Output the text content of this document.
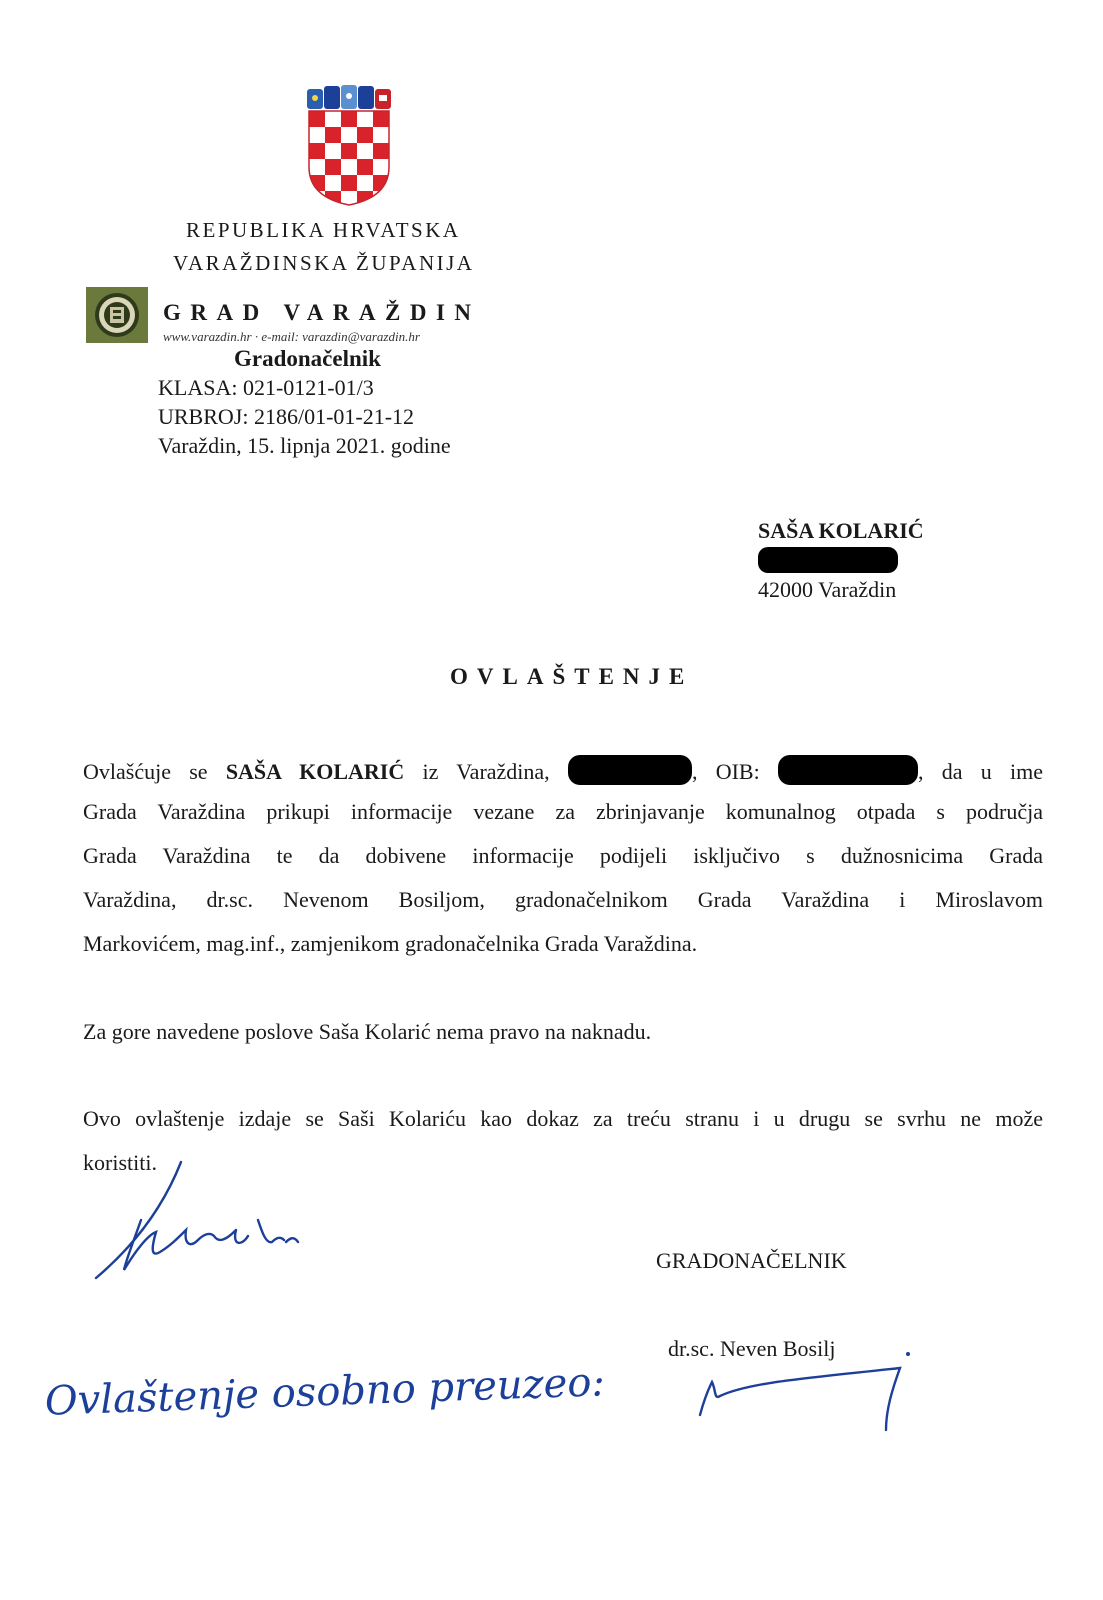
REPUBLIKA HRVATSKA
VARAŽDINSKA ŽUPANIJA
GRAD VARAŽDIN
www.varazdin.hr · e-mail: varazdin@varazdin.hr
Gradonačelnik
KLASA: 021-0121-01/3
URBROJ: 2186/01-01-21-12
Varaždin, 15. lipnja 2021. godine
SAŠA KOLARIĆ
42000 Varaždin
OVLAŠTENJE
Ovlašćuje se SAŠA KOLARIĆ iz Varaždina,	, OIB:	, da u ime
Grada Varaždina prikupi informacije vezane za zbrinjavanje komunalnog otpada s područja
Grada Varaždina te da dobivene informacije podijeli isključivo s dužnosnicima Grada
Varaždina, dr.sc. Nevenom Bosiljom, gradonačelnikom Grada Varaždina i Miroslavom
Markovićem, mag.inf., zamjenikom gradonačelnika Grada Varaždina.
Za gore navedene poslove Saša Kolarić nema pravo na naknadu.
Ovo ovlaštenje izdaje se Saši Kolariću kao dokaz za treću stranu i u drugu se svrhu ne može
koristiti.
GRADONAČELNIK
dr.sc. Neven Bosilj
Ovlaštenje osobno preuzeo:
